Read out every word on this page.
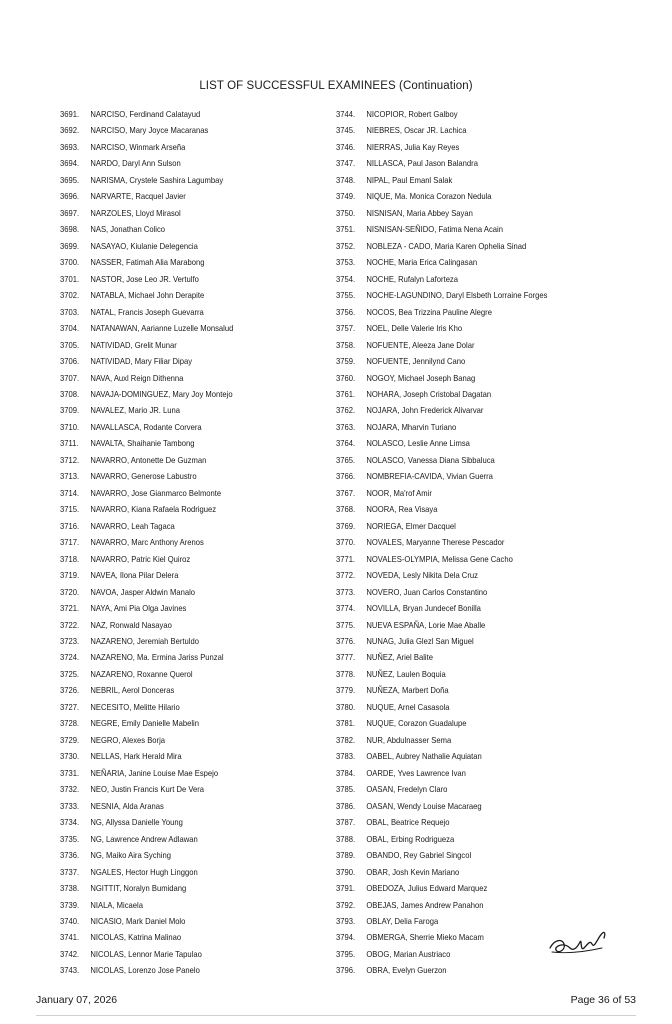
LIST OF SUCCESSFUL EXAMINEES (Continuation)
3691. NARCISO, Ferdinand Calatayud
3692. NARCISO, Mary Joyce Macaranas
3693. NARCISO, Winmark Arseña
3694. NARDO, Daryl Ann Sulson
3695. NARISMA, Crystele Sashira Lagumbay
3696. NARVARTE, Racquel Javier
3697. NARZOLES, Lloyd Mirasol
3698. NAS, Jonathan Colico
3699. NASAYAO, Kiulanie Delegencia
3700. NASSER, Fatimah Alia Marabong
3701. NASTOR, Jose Leo JR. Vertulfo
3702. NATABLA, Michael John Derapite
3703. NATAL, Francis Joseph Guevarra
3704. NATANAWAN, Aarianne Luzelle Monsalud
3705. NATIVIDAD, Grelit Munar
3706. NATIVIDAD, Mary Filiar Dipay
3707. NAVA, Auxl Reign Dithenna
3708. NAVAJA-DOMINGUEZ, Mary Joy Montejo
3709. NAVALEZ, Mario JR. Luna
3710. NAVALLASCA, Rodante Corvera
3711. NAVALTA, Shaihanie Tambong
3712. NAVARRO, Antonette De Guzman
3713. NAVARRO, Generose Labustro
3714. NAVARRO, Jose Gianmarco Belmonte
3715. NAVARRO, Kiana Rafaela Rodriguez
3716. NAVARRO, Leah Tagaca
3717. NAVARRO, Marc Anthony Arenos
3718. NAVARRO, Patric Kiel Quiroz
3719. NAVEA, Ilona Pilar Delera
3720. NAVOA, Jasper Aldwin Manalo
3721. NAYA, Ami Pia Olga Javines
3722. NAZ, Ronwald Nasayao
3723. NAZARENO, Jeremiah Bertuldo
3724. NAZARENO, Ma. Ermina Jariss Punzal
3725. NAZARENO, Roxanne Querol
3726. NEBRIL, Aerol Donceras
3727. NECESITO, Melitte Hilario
3728. NEGRE, Emily Danielle Mabelin
3729. NEGRO, Alexes Borja
3730. NELLAS, Hark Herald Mira
3731. NEÑARIA, Janine Louise Mae Espejo
3732. NEO, Justin Francis Kurt De Vera
3733. NESNIA, Alda Aranas
3734. NG, Allyssa Danielle Young
3735. NG, Lawrence Andrew Adlawan
3736. NG, Maiko Aira Syching
3737. NGALES, Hector Hugh Linggon
3738. NGITTIT, Noralyn Bumidang
3739. NIALA, Micaela
3740. NICASIO, Mark Daniel Molo
3741. NICOLAS, Katrina Malinao
3742. NICOLAS, Lennor Marie Tapulao
3743. NICOLAS, Lorenzo Jose Panelo
3744. NICOPIOR, Robert Galboy
3745. NIEBRES, Oscar JR. Lachica
3746. NIERRAS, Julia Kay Reyes
3747. NILLASCA, Paul Jason Balandra
3748. NIPAL, Paul Emanl Salak
3749. NIQUE, Ma. Monica Corazon Nedula
3750. NISNISAN, Maria Abbey Sayan
3751. NISNISAN-SEÑIDO, Fatima Nena Acain
3752. NOBLEZA - CADO, Maria Karen Ophelia Sinad
3753. NOCHE, Maria Erica Calingasan
3754. NOCHE, Rufalyn Laforteza
3755. NOCHE-LAGUNDINO, Daryl Elsbeth Lorraine Forges
3756. NOCOS, Bea Trizzina Pauline Alegre
3757. NOEL, Delle Valerie Iris Kho
3758. NOFUENTE, Aleeza Jane Dolar
3759. NOFUENTE, Jennilynd Cano
3760. NOGOY, Michael Joseph Banag
3761. NOHARA, Joseph Cristobal Dagatan
3762. NOJARA, John Frederick Alivarvar
3763. NOJARA, Mharvin Turiano
3764. NOLASCO, Leslie Anne Limsa
3765. NOLASCO, Vanessa Diana Sibbaluca
3766. NOMBREFIA-CAVIDA, Vivian Guerra
3767. NOOR, Ma'rof Amir
3768. NOORA, Rea Visaya
3769. NORIEGA, Elmer Dacquel
3770. NOVALES, Maryanne Therese Pescador
3771. NOVALES-OLYMPIA, Melissa Gene Cacho
3772. NOVEDA, Lesly Nikita Dela Cruz
3773. NOVERO, Juan Carlos Constantino
3774. NOVILLA, Bryan Jundecef Bonilla
3775. NUEVA ESPAÑA, Lorie Mae Aballe
3776. NUNAG, Julia Glezl San Miguel
3777. NUÑEZ, Ariel Balite
3778. NUÑEZ, Laulen Boquia
3779. NUÑEZA, Marbert Doña
3780. NUQUE, Arnel Casasola
3781. NUQUE, Corazon Guadalupe
3782. NUR, Abdulnasser Sema
3783. OABEL, Aubrey Nathalie Aquiatan
3784. OARDE, Yves Lawrence Ivan
3785. OASAN, Fredelyn Claro
3786. OASAN, Wendy Louise Macaraeg
3787. OBAL, Beatrice Requejo
3788. OBAL, Erbing Rodrigueza
3789. OBANDO, Rey Gabriel Singcol
3790. OBAR, Josh Kevin Mariano
3791. OBEDOZA, Julius Edward Marquez
3792. OBEJAS, James Andrew Panahon
3793. OBLAY, Delia Faroga
3794. OBMERGA, Sherrie Mieko Macam
3795. OBOG, Marian Austriaco
3796. OBRA, Evelyn Guerzon
January 07, 2026	Page 36 of 53
